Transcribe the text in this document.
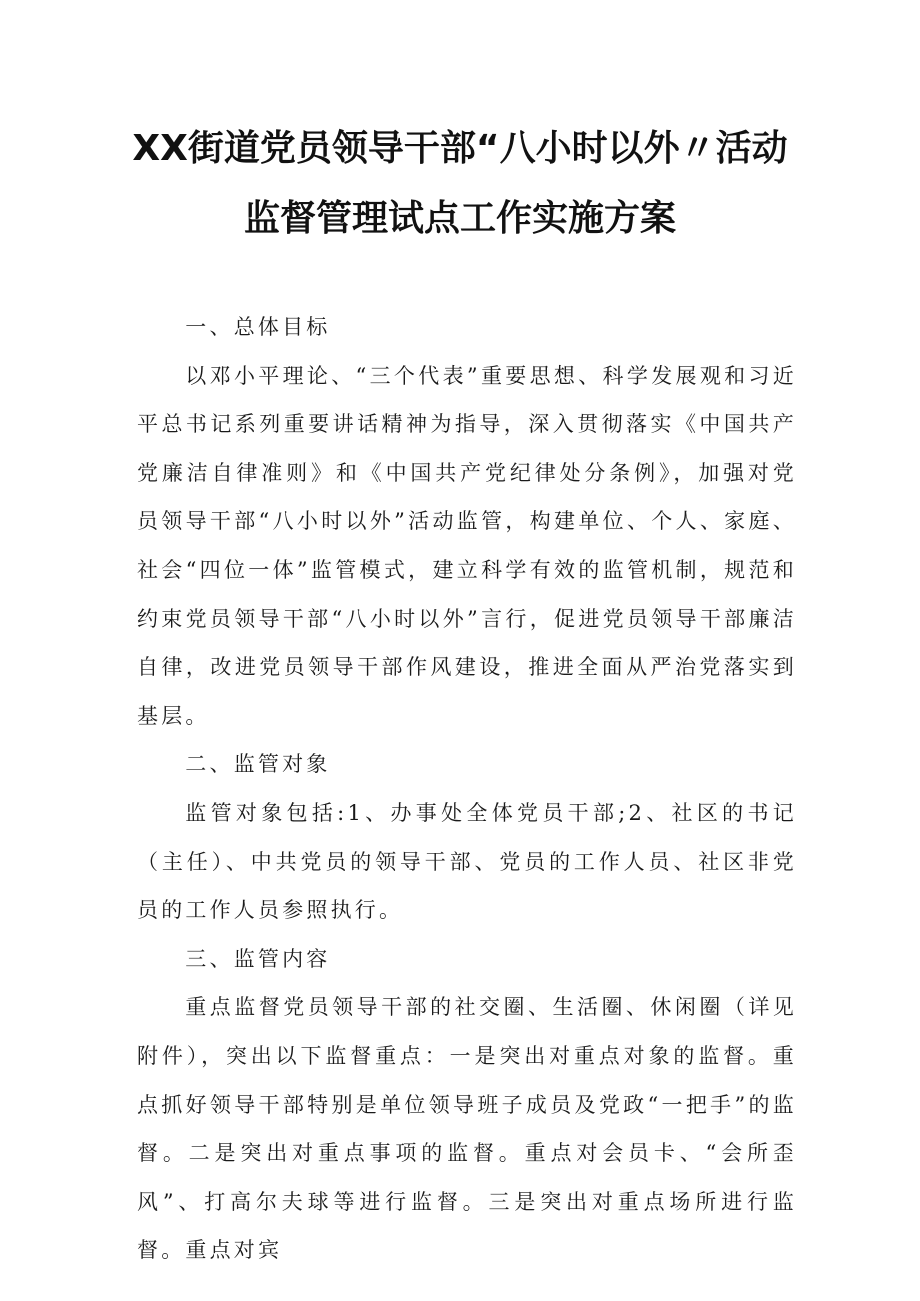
XX街道党员领导干部“八小时以外〃活动
监督管理试点工作实施方案

一、总体目标

以邓小平理论、“三个代表”重要思想、科学发展观和习近平总书记系列重要讲话精神为指导，深入贯彻落实《中国共产党廉洁自律准则》和《中国共产党纪律处分条例》，加强对党员领导干部“八小时以外”活动监管，构建单位、个人、家庭、社会“四位一体”监管模式，建立科学有效的监管机制，规范和约束党员领导干部“八小时以外”言行，促进党员领导干部廉洁自律，改进党员领导干部作风建设，推进全面从严治党落实到基层。

二、监管对象

监管对象包括:1、办事处全体党员干部;2、社区的书记（主任）、中共党员的领导干部、党员的工作人员、社区非党员的工作人员参照执行。

三、监管内容

重点监督党员领导干部的社交圈、生活圈、休闲圈（详见附件），突出以下监督重点：一是突出对重点对象的监督。重点抓好领导干部特别是单位领导班子成员及党政“一把手”的监督。二是突出对重点事项的监督。重点对会员卡、“会所歪风”、打高尔夫球等进行监督。三是突出对重点场所进行监督。重点对宾
